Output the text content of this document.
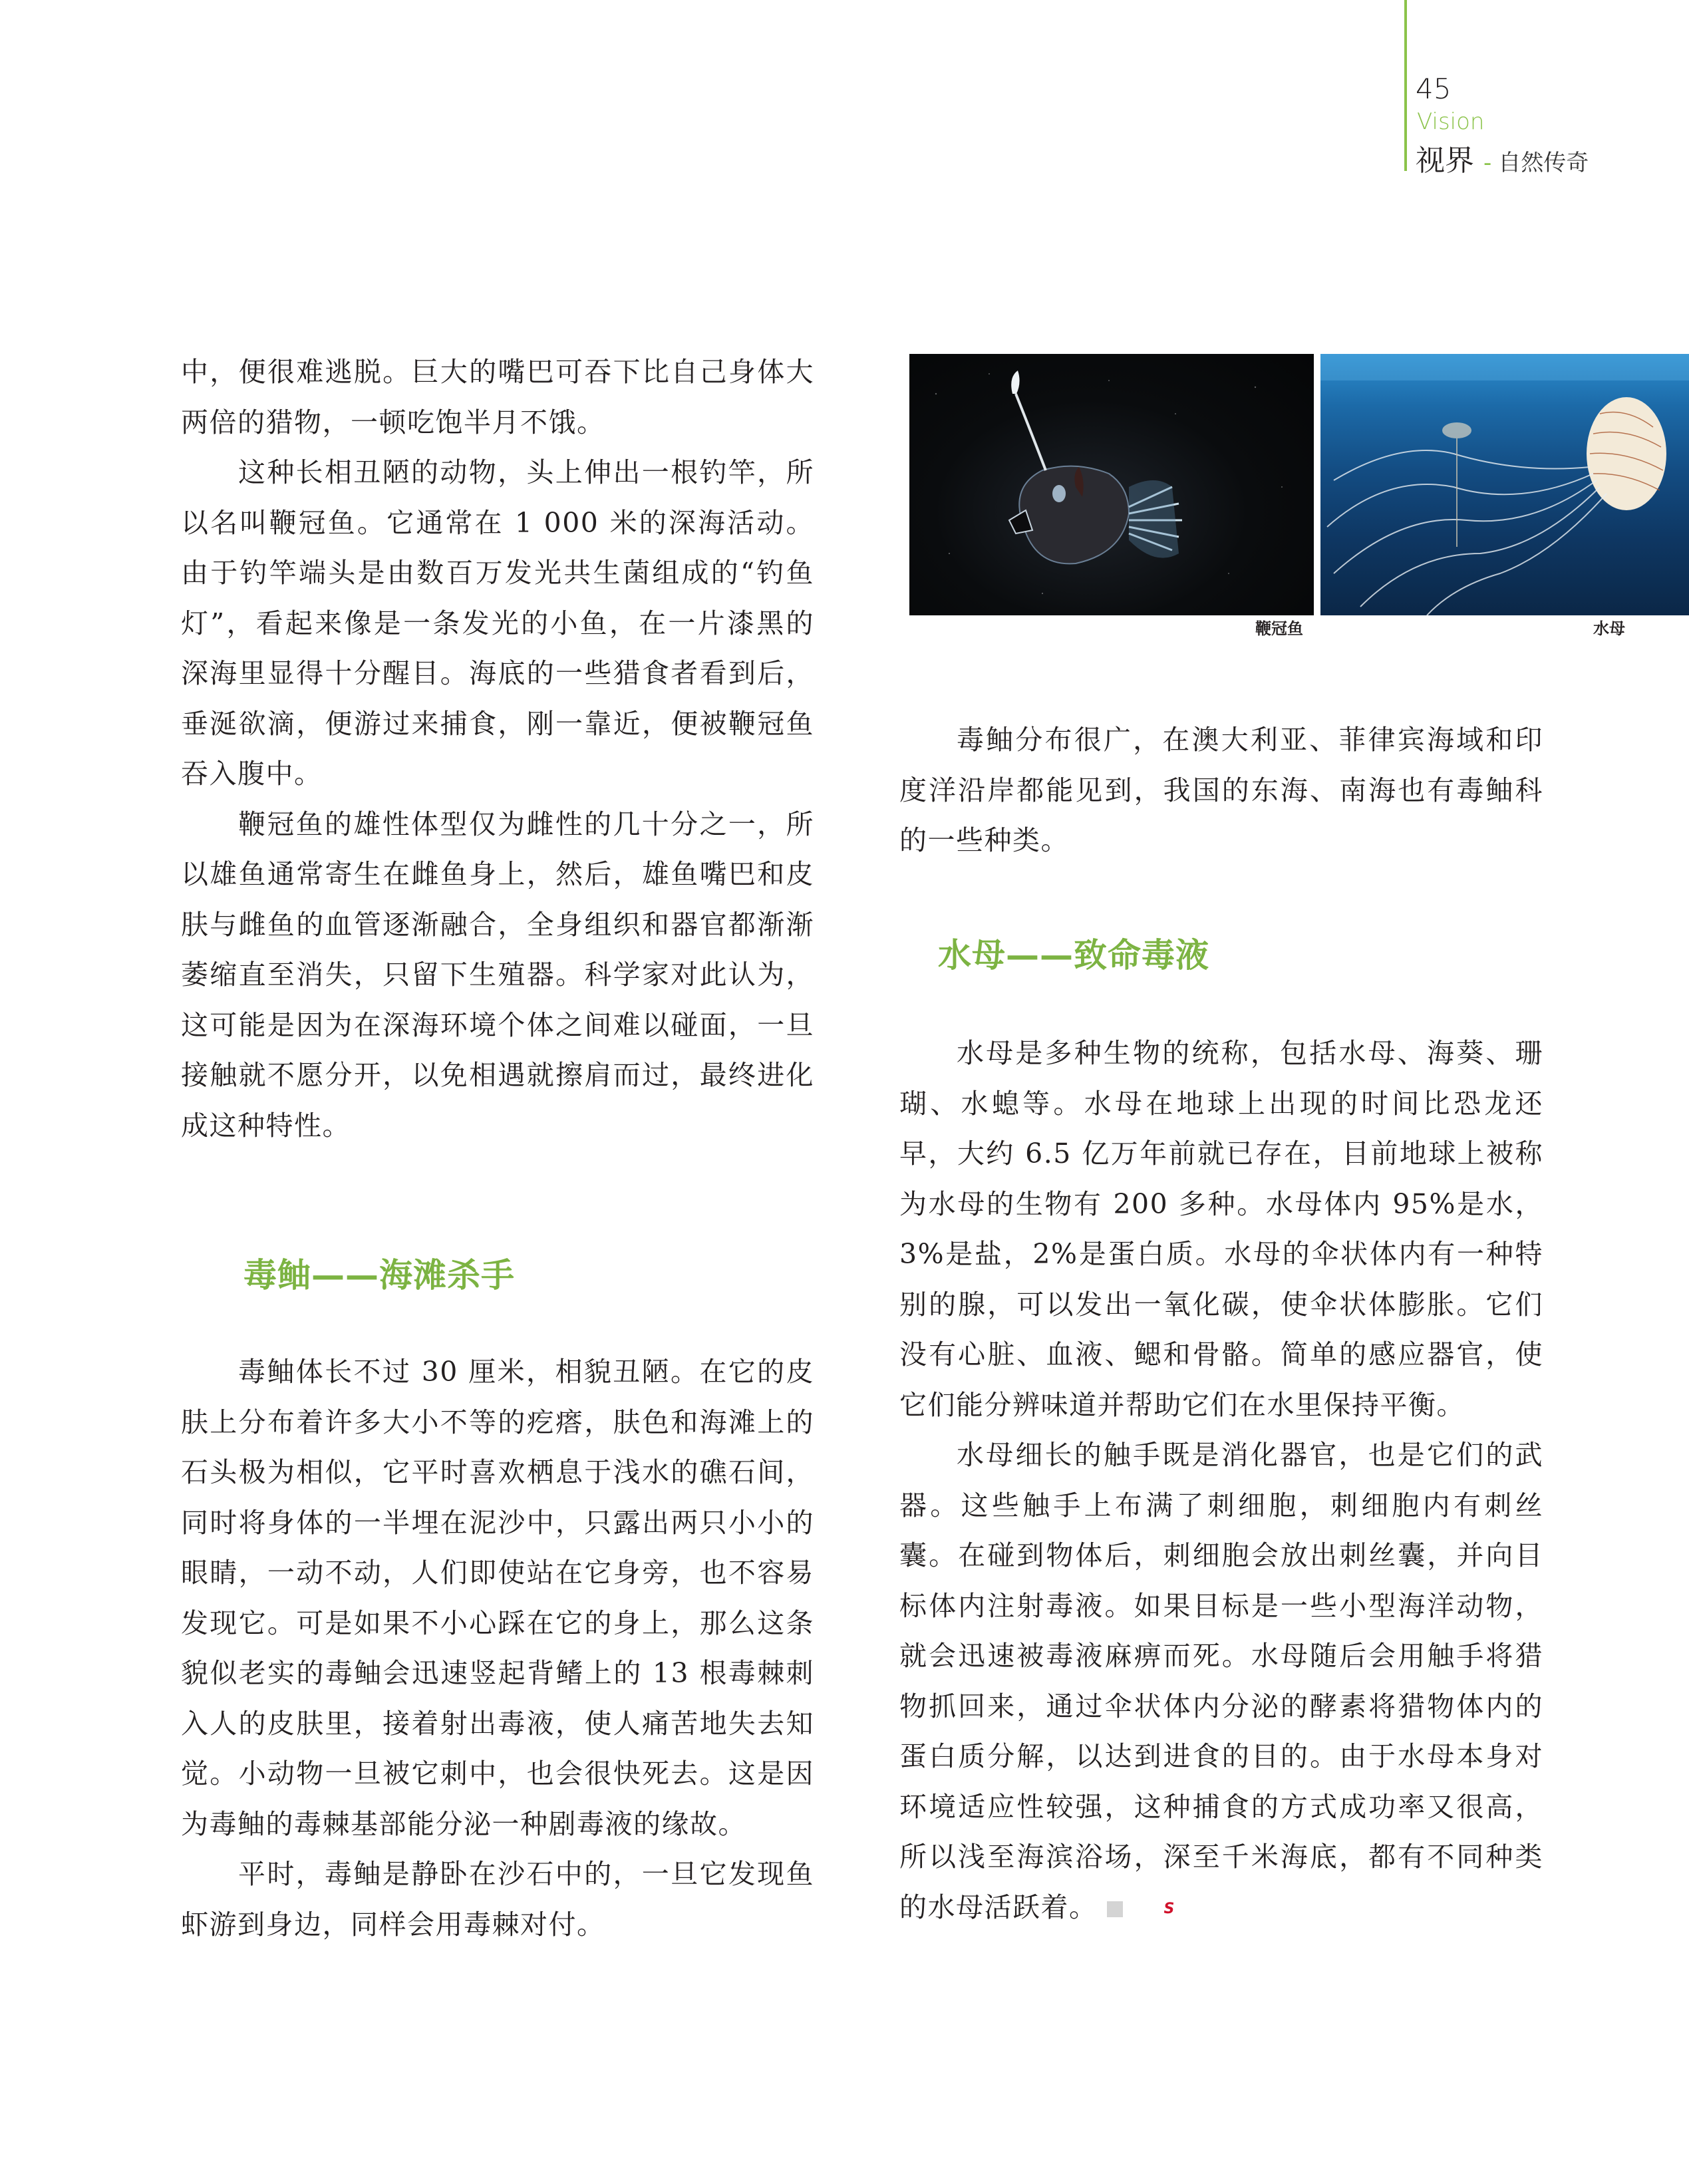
45
Vision
视界 - 自然传奇

中，便很难逃脱。巨大的嘴巴可吞下比自己身体大两倍的猎物，一顿吃饱半月不饿。

这种长相丑陋的动物，头上伸出一根钓竿，所以名叫鞭冠鱼。它通常在 1 000 米的深海活动。由于钓竿端头是由数百万发光共生菌组成的“钓鱼灯”，看起来像是一条发光的小鱼，在一片漆黑的深海里显得十分醒目。海底的一些猎食者看到后，垂涎欲滴，便游过来捕食，刚一靠近，便被鞭冠鱼吞入腹中。

鞭冠鱼的雄性体型仅为雌性的几十分之一，所以雄鱼通常寄生在雌鱼身上，然后，雄鱼嘴巴和皮肤与雌鱼的血管逐渐融合，全身组织和器官都渐渐萎缩直至消失，只留下生殖器。科学家对此认为，这可能是因为在深海环境个体之间难以碰面，一旦接触就不愿分开，以免相遇就擦肩而过，最终进化成这种特性。

毒鲉——海滩杀手

毒鲉体长不过 30 厘米，相貌丑陋。在它的皮肤上分布着许多大小不等的疙瘩，肤色和海滩上的石头极为相似，它平时喜欢栖息于浅水的礁石间，同时将身体的一半埋在泥沙中，只露出两只小小的眼睛，一动不动，人们即使站在它身旁，也不容易发现它。可是如果不小心踩在它的身上，那么这条貌似老实的毒鲉会迅速竖起背鳍上的 13 根毒棘刺入人的皮肤里，接着射出毒液，使人痛苦地失去知觉。小动物一旦被它刺中，也会很快死去。这是因为毒鲉的毒棘基部能分泌一种剧毒液的缘故。

平时，毒鲉是静卧在沙石中的，一旦它发现鱼虾游到身边，同样会用毒棘对付。

鞭冠鱼	水母

毒鲉分布很广，在澳大利亚、菲律宾海域和印度洋沿岸都能见到，我国的东海、南海也有毒鲉科的一些种类。

水母——致命毒液

水母是多种生物的统称，包括水母、海葵、珊瑚、水螅等。水母在地球上出现的时间比恐龙还早，大约 6.5 亿万年前就已存在，目前地球上被称为水母的生物有 200 多种。水母体内 95%是水，3%是盐，2%是蛋白质。水母的伞状体内有一种特别的腺，可以发出一氧化碳，使伞状体膨胀。它们没有心脏、血液、鳃和骨骼。简单的感应器官，使它们能分辨味道并帮助它们在水里保持平衡。

水母细长的触手既是消化器官，也是它们的武器。这些触手上布满了刺细胞，刺细胞内有刺丝囊。在碰到物体后，刺细胞会放出刺丝囊，并向目标体内注射毒液。如果目标是一些小型海洋动物，就会迅速被毒液麻痹而死。水母随后会用触手将猎物抓回来，通过伞状体内分泌的酵素将猎物体内的蛋白质分解，以达到进食的目的。由于水母本身对环境适应性较强，这种捕食的方式成功率又很高，所以浅至海滨浴场，深至千米海底，都有不同种类的水母活跃着。	S
